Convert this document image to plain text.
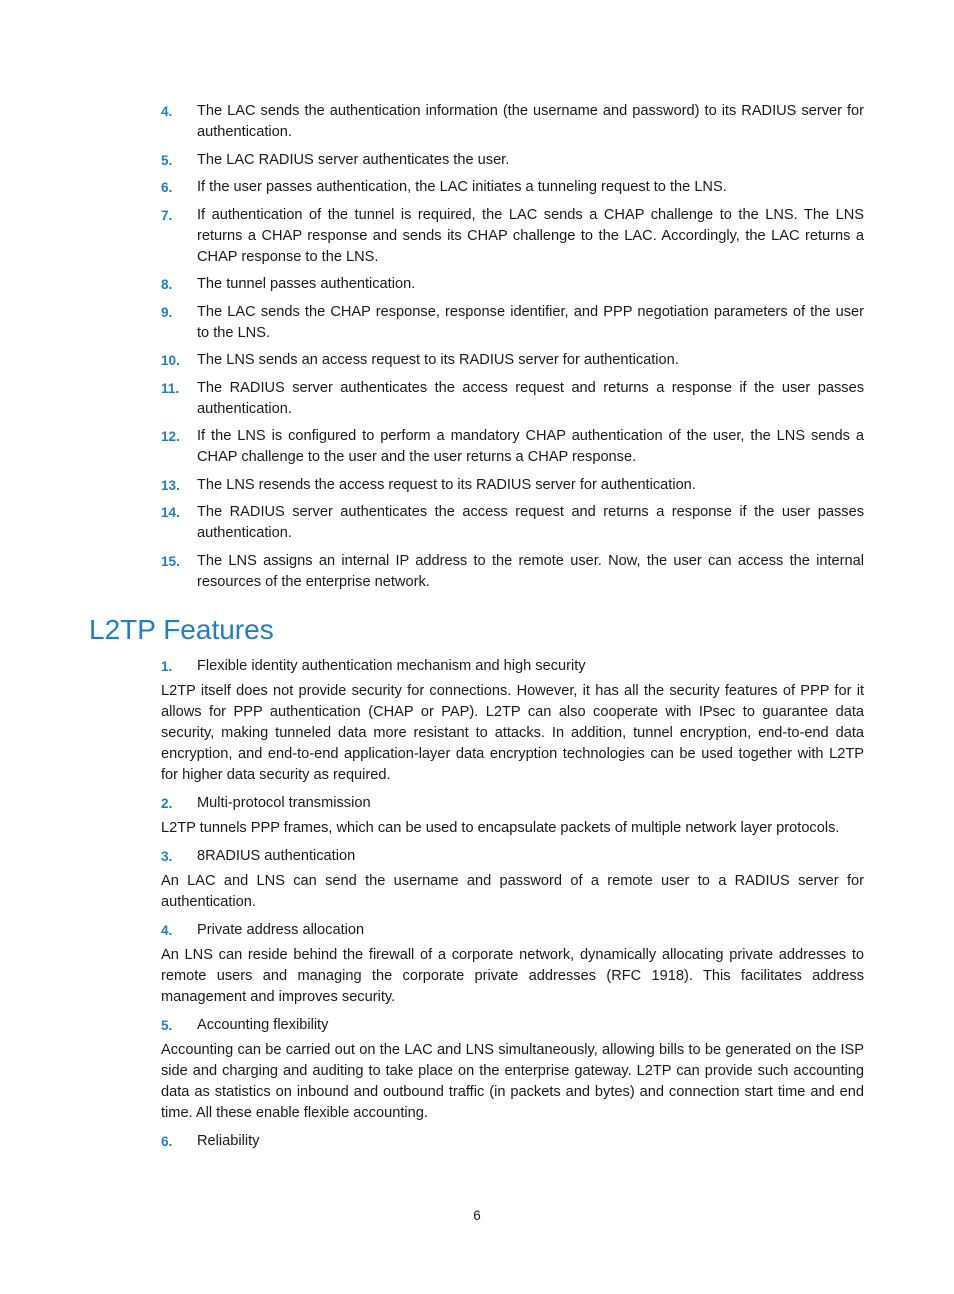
4. The LAC sends the authentication information (the username and password) to its RADIUS server for authentication.
5. The LAC RADIUS server authenticates the user.
6. If the user passes authentication, the LAC initiates a tunneling request to the LNS.
7. If authentication of the tunnel is required, the LAC sends a CHAP challenge to the LNS. The LNS returns a CHAP response and sends its CHAP challenge to the LAC. Accordingly, the LAC returns a CHAP response to the LNS.
8. The tunnel passes authentication.
9. The LAC sends the CHAP response, response identifier, and PPP negotiation parameters of the user to the LNS.
10. The LNS sends an access request to its RADIUS server for authentication.
11. The RADIUS server authenticates the access request and returns a response if the user passes authentication.
12. If the LNS is configured to perform a mandatory CHAP authentication of the user, the LNS sends a CHAP challenge to the user and the user returns a CHAP response.
13. The LNS resends the access request to its RADIUS server for authentication.
14. The RADIUS server authenticates the access request and returns a response if the user passes authentication.
15. The LNS assigns an internal IP address to the remote user. Now, the user can access the internal resources of the enterprise network.
L2TP Features
1. Flexible identity authentication mechanism and high security

L2TP itself does not provide security for connections. However, it has all the security features of PPP for it allows for PPP authentication (CHAP or PAP). L2TP can also cooperate with IPsec to guarantee data security, making tunneled data more resistant to attacks. In addition, tunnel encryption, end-to-end data encryption, and end-to-end application-layer data encryption technologies can be used together with L2TP for higher data security as required.

2. Multi-protocol transmission

L2TP tunnels PPP frames, which can be used to encapsulate packets of multiple network layer protocols.

3. 8RADIUS authentication

An LAC and LNS can send the username and password of a remote user to a RADIUS server for authentication.

4. Private address allocation

An LNS can reside behind the firewall of a corporate network, dynamically allocating private addresses to remote users and managing the corporate private addresses (RFC 1918). This facilitates address management and improves security.

5. Accounting flexibility

Accounting can be carried out on the LAC and LNS simultaneously, allowing bills to be generated on the ISP side and charging and auditing to take place on the enterprise gateway. L2TP can provide such accounting data as statistics on inbound and outbound traffic (in packets and bytes) and connection start time and end time. All these enable flexible accounting.

6. Reliability
6
